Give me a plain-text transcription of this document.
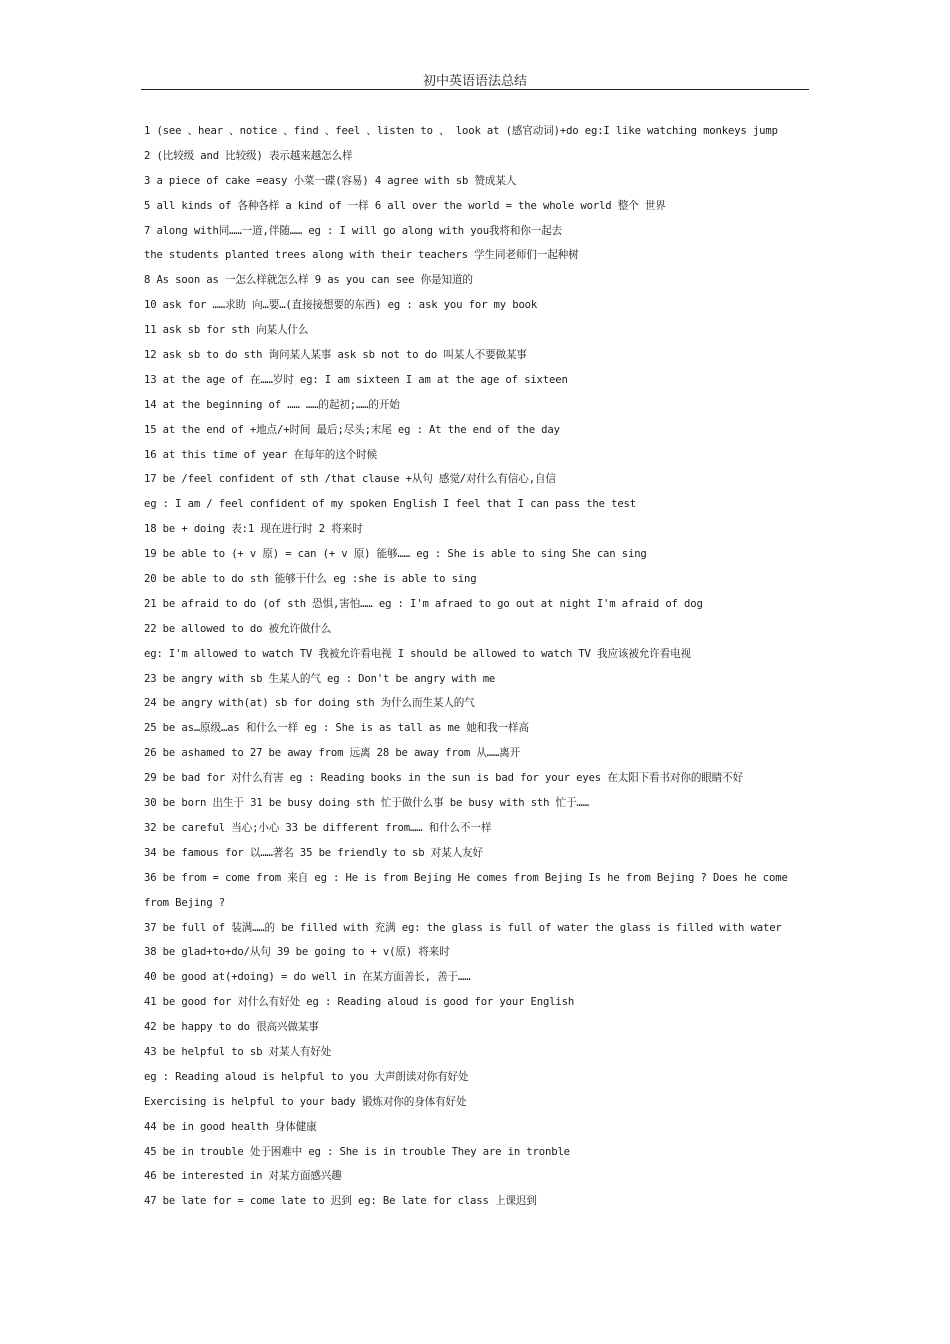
初中英语语法总结
1 (see 、hear 、notice 、find 、feel 、listen to 、 look at (感官动词)+do eg:I like watching monkeys jump
2 (比较级 and 比较级) 表示越来越怎么样
3 a piece of cake =easy 小菜一碟(容易) 4 agree with sb 赞成某人
5 all kinds of 各种各样 a kind of 一样 6 all over the world = the whole world 整个 世界
7 along with同……一道,伴随…… eg : I will go along with you我将和你一起去
the students planted trees along with their teachers 学生同老师们一起种树
8 As soon as 一怎么样就怎么样 9 as you can see 你是知道的
10 ask for ……求助 向…要…(直接接想要的东西) eg : ask you for my book
11 ask sb for sth 向某人什么
12 ask sb to do sth 询问某人某事 ask sb not to do 叫某人不要做某事
13 at the age of 在……岁时 eg: I am sixteen I am at the age of sixteen
14 at the beginning of …… ……的起初;……的开始
15 at the end of +地点/+时间 最后;尽头;末尾 eg : At the end of the day
16 at this time of year 在每年的这个时候
17 be /feel confident of sth /that clause +从句 感觉/对什么有信心,自信
eg : I am / feel confident of my spoken English I feel that I can pass the test
18 be + doing 表:1 现在进行时 2 将来时
19 be able to (+ v 原) = can (+ v 原) 能够…… eg : She is able to sing She can sing
20 be able to do sth 能够干什么 eg :she is able to sing
21 be afraid to do (of sth 恐惧,害怕…… eg : I'm afraed to go out at night I'm afraid of dog
22 be allowed to do 被允许做什么
eg: I'm allowed to watch TV 我被允许看电视 I should be allowed to watch TV 我应该被允许看电视
23 be angry with sb 生某人的气 eg : Don't be angry with me
24 be angry with(at) sb for doing sth 为什么而生某人的气
25 be as…原级…as 和什么一样 eg : She is as tall as me 她和我一样高
26 be ashamed to 27 be away from 远离 28 be away from 从……离开
29 be bad for 对什么有害 eg : Reading books in the sun is bad for your eyes 在太阳下看书对你的眼睛不好
30 be born 出生于 31 be busy doing sth 忙于做什么事 be busy with sth 忙于……
32 be careful 当心;小心 33 be different from…… 和什么不一样
34 be famous for 以……著名 35 be friendly to sb 对某人友好
36 be from = come from 来自 eg : He is from Bejing He comes from Bejing Is he from Bejing ? Does he come
from Bejing ?
37 be full of 装满……的 be filled with 充满 eg: the glass is full of water the glass is filled with water
38 be glad+to+do/从句 39 be going to + v(原) 将来时
40 be good at(+doing) = do well in 在某方面善长, 善于……
41 be good for 对什么有好处 eg : Reading aloud is good for your English
42 be happy to do 很高兴做某事
43 be helpful to sb 对某人有好处
eg : Reading aloud is helpful to you 大声朗读对你有好处
Exercising is helpful to your bady 锻炼对你的身体有好处
44 be in good health 身体健康
45 be in trouble 处于困难中 eg : She is in trouble They are in tronble
46 be interested in 对某方面感兴趣
47 be late for = come late to 迟到 eg: Be late for class 上课迟到
